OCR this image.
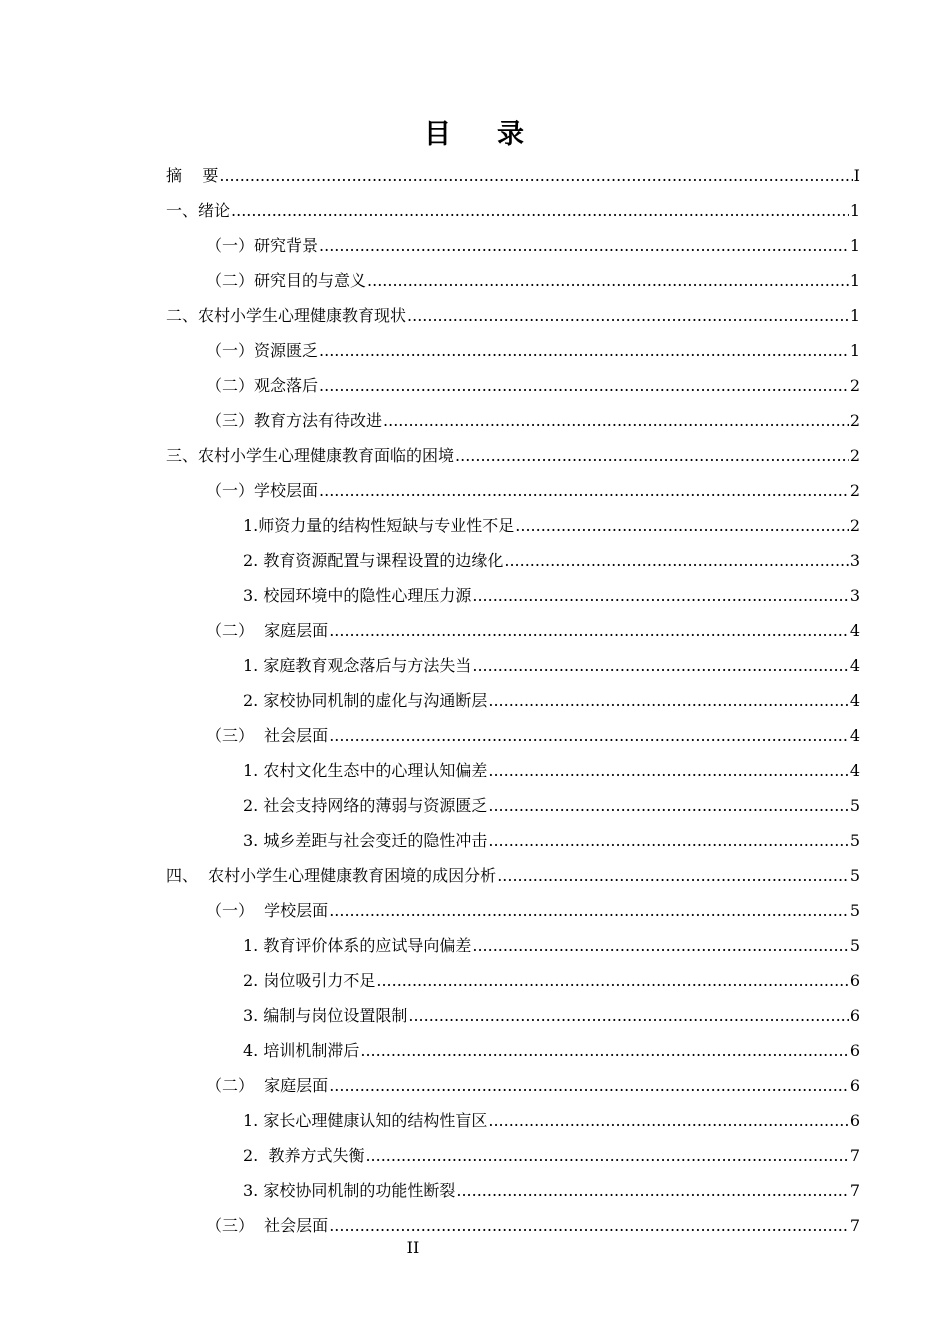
目 录
摘    要 .....	I
一、绪论 .....	1
（一）研究背景 .....	1
（二）研究目的与意义 .....	1
二、农村小学生心理健康教育现状 .....	1
（一）资源匮乏 .....	1
（二）观念落后 .....	2
（三）教育方法有待改进 .....	2
三、农村小学生心理健康教育面临的困境 .....	2
（一）学校层面 .....	2
1.师资力量的结构性短缺与专业性不足 .....	2
2. 教育资源配置与课程设置的边缘化 .....	3
3. 校园环境中的隐性心理压力源 .....	3
（二）  家庭层面 .....	4
1. 家庭教育观念落后与方法失当 .....	4
2. 家校协同机制的虚化与沟通断层 .....	4
（三）  社会层面 .....	4
1. 农村文化生态中的心理认知偏差 .....	4
2. 社会支持网络的薄弱与资源匮乏 .....	5
3. 城乡差距与社会变迁的隐性冲击 .....	5
四、  农村小学生心理健康教育困境的成因分析 .....	5
（一）  学校层面 .....	5
1. 教育评价体系的应试导向偏差 .....	5
2. 岗位吸引力不足 .....	6
3. 编制与岗位设置限制 .....	6
4. 培训机制滞后 .....	6
（二）  家庭层面 .....	6
1. 家长心理健康认知的结构性盲区 .....	6
2.  教养方式失衡 .....	7
3. 家校协同机制的功能性断裂 .....	7
（三）  社会层面 .....	7
II
